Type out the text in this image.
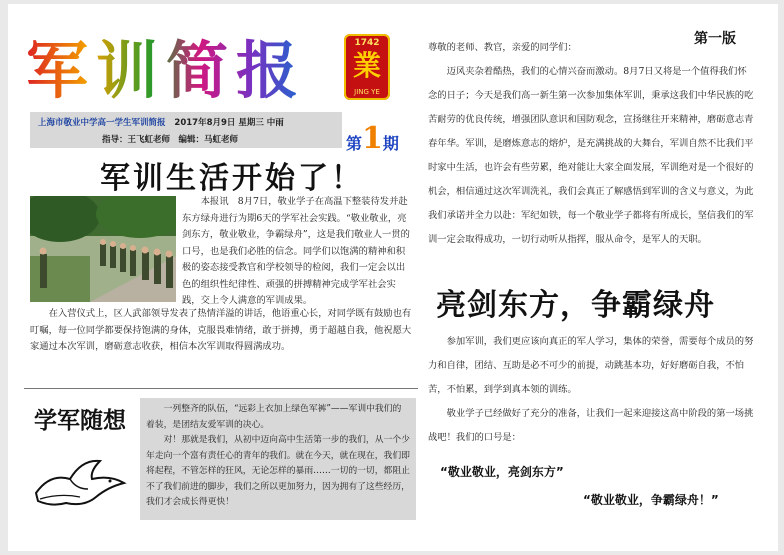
军训简报	1742
業
JING YE
上海市敬业中学高一学生军训简报 2017年8月9日 星期三 中雨
指导：王飞虹老师　编辑：马虹老师	第1期
第一版
军训生活开始了！

本报讯　8月7日，敬业学子在高温下整装待发并赴东方绿舟进行为期6天的学军社会实践。“敬业敬业，亮剑东方，敬业敬业，争霸绿舟”，这是我们敬业人一贯的口号，也是我们必胜的信念。同学们以饱满的精神和积极的姿态接受教官和学校领导的检阅，我们一定会以出色的组织性纪律性、顽强的拼搏精神完成学军社会实践，交上令人满意的军训成果。

在入营仪式上，区人武部领导发表了热情洋溢的讲话，他语重心长，对同学既有鼓励也有叮嘱，每一位同学都要保持饱满的身体，克服畏难情绪，敢于拼搏，勇于超越自我，他祝愿大家通过本次军训，磨砺意志收获，相信本次军训取得圆满成功。

学军随想	一列整齐的队伍，“远彩上衣加上绿色军裤”——军训中我们的着装，是团结友爱军训的决心。

对！那就是我们，从初中迈向高中生活第一步的我们，从一个少年走向一个富有责任心的青年的我们。就在今天，就在现在，我们即将起程，不管怎样的狂风，无论怎样的暴雨……一切的一切，都阻止不了我们前进的脚步，我们之所以更加努力，因为拥有了这些经历，我们才会成长得更快！

尊敬的老师、教官，亲爱的同学们：

迈风夹杂着酷热，我们的心情兴奋而激动。8月7日又将是一个值得我们怀念的日子；今天是我们高一新生第一次参加集体军训，秉承这我们中华民族的吃苦耐劳的优良传统，增强团队意识和国防观念，宣扬继往开来精神，磨砺意志青春年华。军训，是磨炼意志的熔炉，是充满挑战的大舞台，军训自然不比我们平时家中生活，也许会有些劳累，绝对能让大家全面发展，军训绝对是一个很好的机会，相信通过这次军训洗礼，我们会真正了解感悟到军训的含义与意义，为此我们承诺并全力以赴：军纪如铁，每一个敬业学子都将有所成长，坚信我们的军训一定会取得成功，一切行动听从指挥，服从命令，是军人的天职。

亮剑东方，争霸绿舟

参加军训，我们更应该向真正的军人学习，集体的荣誉，需要每个成员的努力和自律，团结、互助是必不可少的前提，动跳基本功，好好磨砺自我，不怕苦，不怕累，到学到真本领的训练。

敬业学子已经做好了充分的准备，让我们一起来迎接这高中阶段的第一场挑战吧！我们的口号是：

“敬业敬业，亮剑东方”
“敬业敬业，争霸绿舟！”
